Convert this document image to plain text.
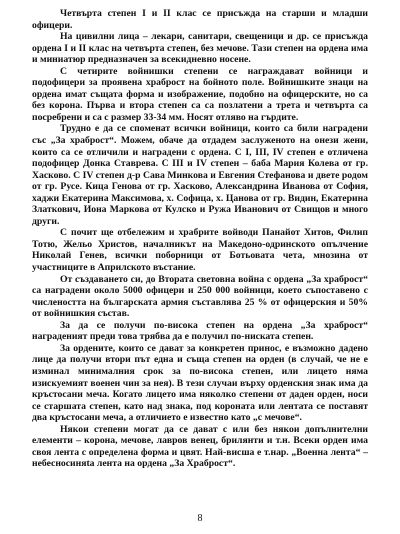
Четвърта степен I и II клас се присъжда на старши и младши офицери.

На цивилни лица – лекари, санитари, свещеници и др. се присъжда ордена I и II клас на четвърта степен, без мечове. Тази степен на ордена има и миниатюр предназначен за всекидневно носене.

С четирите войнишки степени се награждават войници и подофицери за проявена храброст на бойното поле. Войнишките знаци на ордена имат същата форма и изображение, подобно на офицерските, но са без корона. Първа и втора степен са са позлатени а трета и четвърта са посребрени и са с размер 33-34 мм. Носят отляво на гърдите.

Трудно е да се споменат всички войници, които са били наградени със „За храброст“. Можем, обаче да отдадем заслуженото на онези жени, които са се отличили и наградени с ордена. С I, III, IV степен е отличена подофицер Донка Ставрева. С III и IV степен – баба Мария Колева от гр. Хасково. С IV степен д-р Сава Минкова и Евгения Стефанова и двете родом от гр. Русе. Кица Генова от гр. Хасково, Александрина Иванова от София, хаджи Екатерина Максимова, х. Софица, х. Цанова от гр. Видин, Екатерина Златкович, Иона Маркова от Кулско и Ружа Иванович от Свищов и много други.

С почит ще отбележим и храбрите войводи Панайот Хитов, Филип Тотю, Жельо Христов, началникът на Македоно-одринското опълчение Николай Генев, всички поборници от Ботьовата чета, мнозина от участниците в Априлското въстание.

От създаването си, до Втората световна война с ордена „За храброст“ са наградени около 5000 офицери и 250 000 войници, което съпоставено с числеността на българската армия съставлява 25 % от офицерския и 50% от войнишкия състав.

За да се получи по-висока степен на ордена „За храброст“ награденият преди това трябва да е получил по-ниската степен.

За ордените, които се дават за конкретен принос, е възможно дадено лице да получи втори път една и съща степен на орден (в случай, че не е изминал минималния срок за по-висока степен, или лицето няма изискуемият военен чин за нея). В тези случаи върху орденския знак има да кръстосани меча. Когато лицето има няколко степени от даден орден, носи се старшата степен, като над знака, под короната или лентата се поставят два кръстосани меча, а отличието е известно като „с мечове“.

Някои степени могат да се дават с или без някои допълнителни елементи – корона, мечове, лавров венец, брилянти и т.н. Всеки орден има своя лента с определена форма и цвят. Най-висша е т.нар. „Военна лента“ – небесносиняta лента на ордена „За Храброст“.

8
